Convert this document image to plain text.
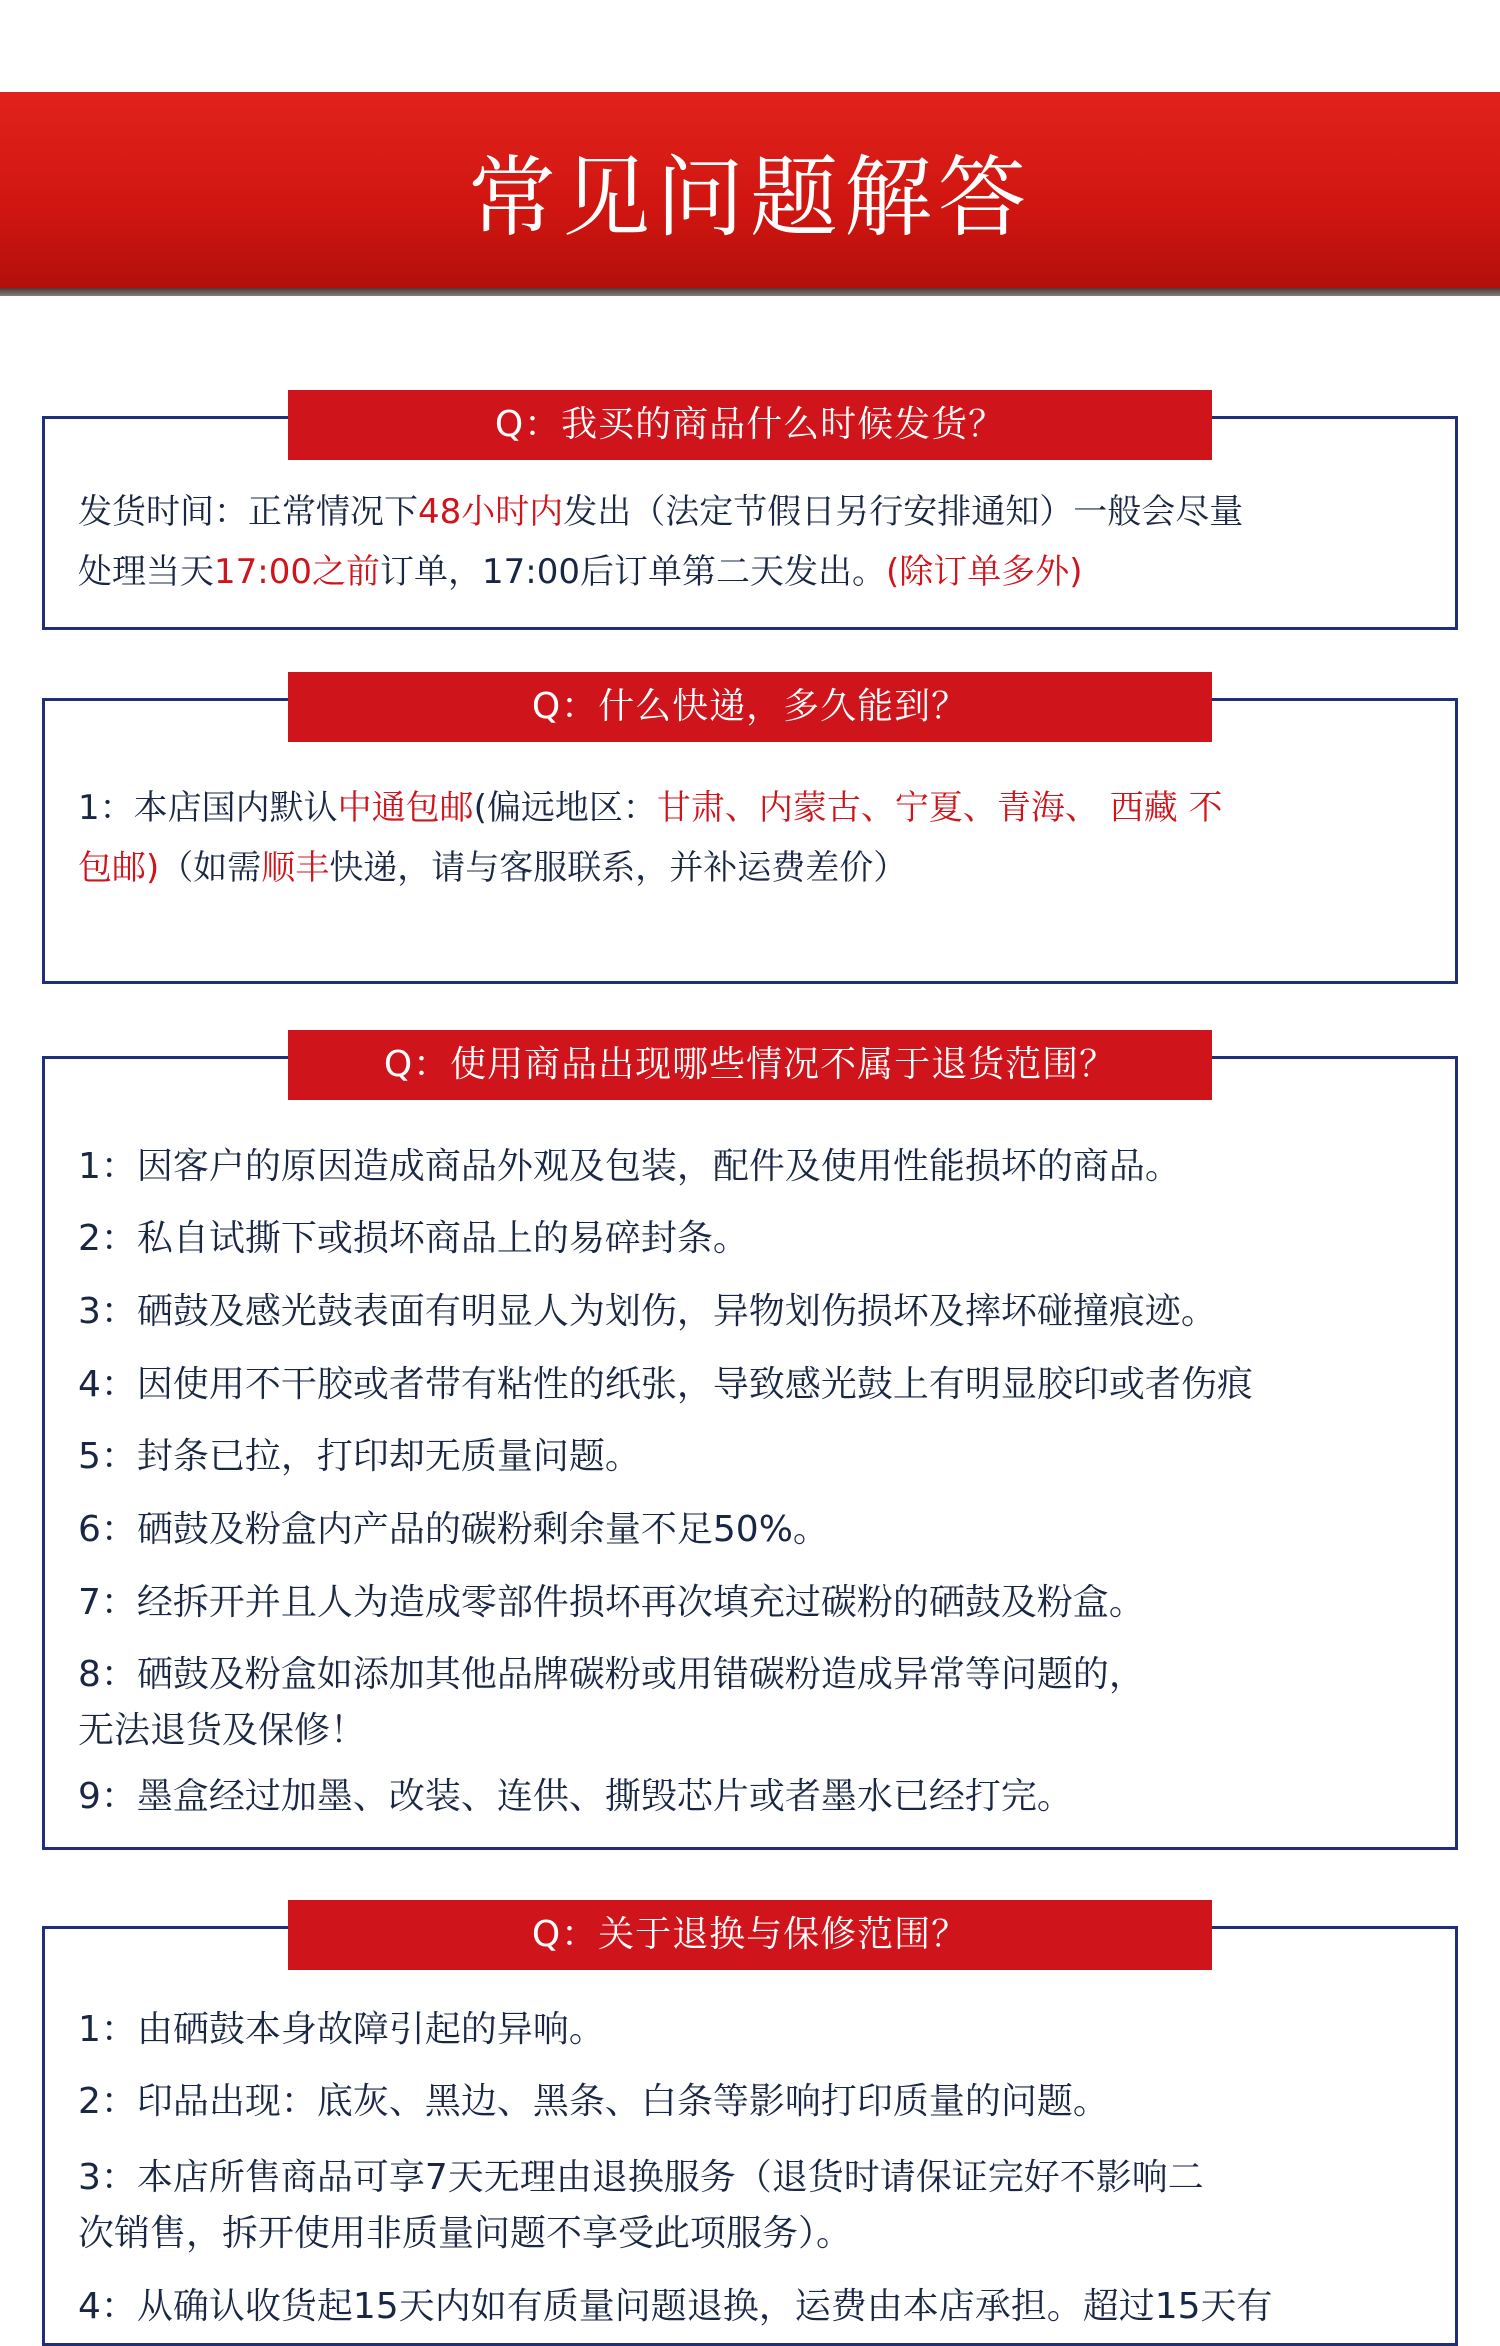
常见问题解答
Q：我买的商品什么时候发货？
发货时间：正常情况下48小时内发出（法定节假日另行安排通知）一般会尽量
处理当天17:00之前订单，17:00后订单第二天发出。(除订单多外)
Q：什么快递，多久能到？
1：本店国内默认中通包邮(偏远地区：甘肃、内蒙古、宁夏、青海、 西藏 不
包邮)（如需顺丰快递，请与客服联系，并补运费差价）
Q：使用商品出现哪些情况不属于退货范围？
1：因客户的原因造成商品外观及包装，配件及使用性能损坏的商品。
2：私自试撕下或损坏商品上的易碎封条。
3：硒鼓及感光鼓表面有明显人为划伤，异物划伤损坏及摔坏碰撞痕迹。
4：因使用不干胶或者带有粘性的纸张，导致感光鼓上有明显胶印或者伤痕
5：封条已拉，打印却无质量问题。
6：硒鼓及粉盒内产品的碳粉剩余量不足50%。
7：经拆开并且人为造成零部件损坏再次填充过碳粉的硒鼓及粉盒。
8：硒鼓及粉盒如添加其他品牌碳粉或用错碳粉造成异常等问题的，
无法退货及保修！
9：墨盒经过加墨、改装、连供、撕毁芯片或者墨水已经打完。
Q：关于退换与保修范围？
1：由硒鼓本身故障引起的异响。
2：印品出现：底灰、黑边、黑条、白条等影响打印质量的问题。
3：本店所售商品可享7天无理由退换服务（退货时请保证完好不影响二
次销售，拆开使用非质量问题不享受此项服务）。
4：从确认收货起15天内如有质量问题退换，运费由本店承担。超过15天有
